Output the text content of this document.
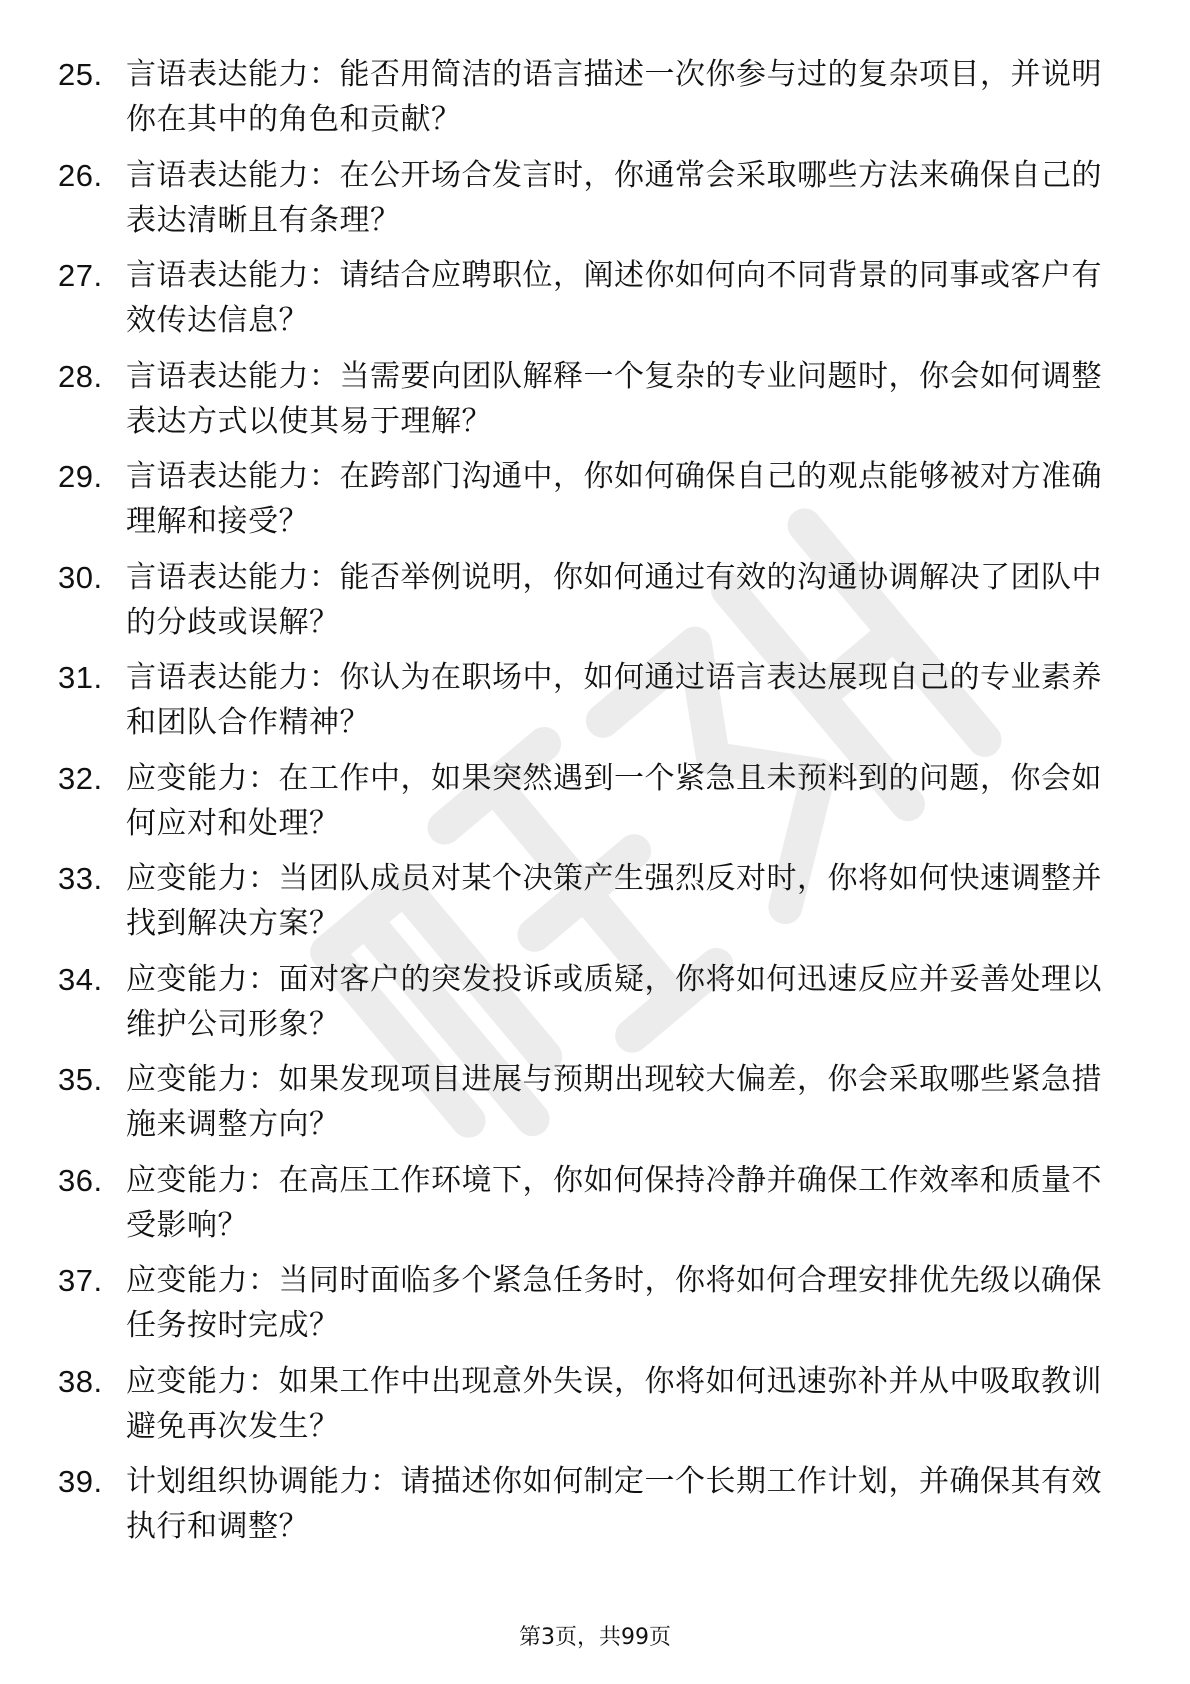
25. 言语表达能力：能否用简洁的语言描述一次你参与过的复杂项目，并说明你在其中的角色和贡献？
26. 言语表达能力：在公开场合发言时，你通常会采取哪些方法来确保自己的表达清晰且有条理？
27. 言语表达能力：请结合应聘职位，阐述你如何向不同背景的同事或客户有效传达信息？
28. 言语表达能力：当需要向团队解释一个复杂的专业问题时，你会如何调整表达方式以使其易于理解？
29. 言语表达能力：在跨部门沟通中，你如何确保自己的观点能够被对方准确理解和接受？
30. 言语表达能力：能否举例说明，你如何通过有效的沟通协调解决了团队中的分歧或误解？
31. 言语表达能力：你认为在职场中，如何通过语言表达展现自己的专业素养和团队合作精神？
32. 应变能力：在工作中，如果突然遇到一个紧急且未预料到的问题，你会如何应对和处理？
33. 应变能力：当团队成员对某个决策产生强烈反对时，你将如何快速调整并找到解决方案？
34. 应变能力：面对客户的突发投诉或质疑，你将如何迅速反应并妥善处理以维护公司形象？
35. 应变能力：如果发现项目进展与预期出现较大偏差，你会采取哪些紧急措施来调整方向？
36. 应变能力：在高压工作环境下，你如何保持冷静并确保工作效率和质量不受影响？
37. 应变能力：当同时面临多个紧急任务时，你将如何合理安排优先级以确保任务按时完成？
38. 应变能力：如果工作中出现意外失误，你将如何迅速弥补并从中吸取教训避免再次发生？
39. 计划组织协调能力：请描述你如何制定一个长期工作计划，并确保其有效执行和调整？
第3页，共99页
